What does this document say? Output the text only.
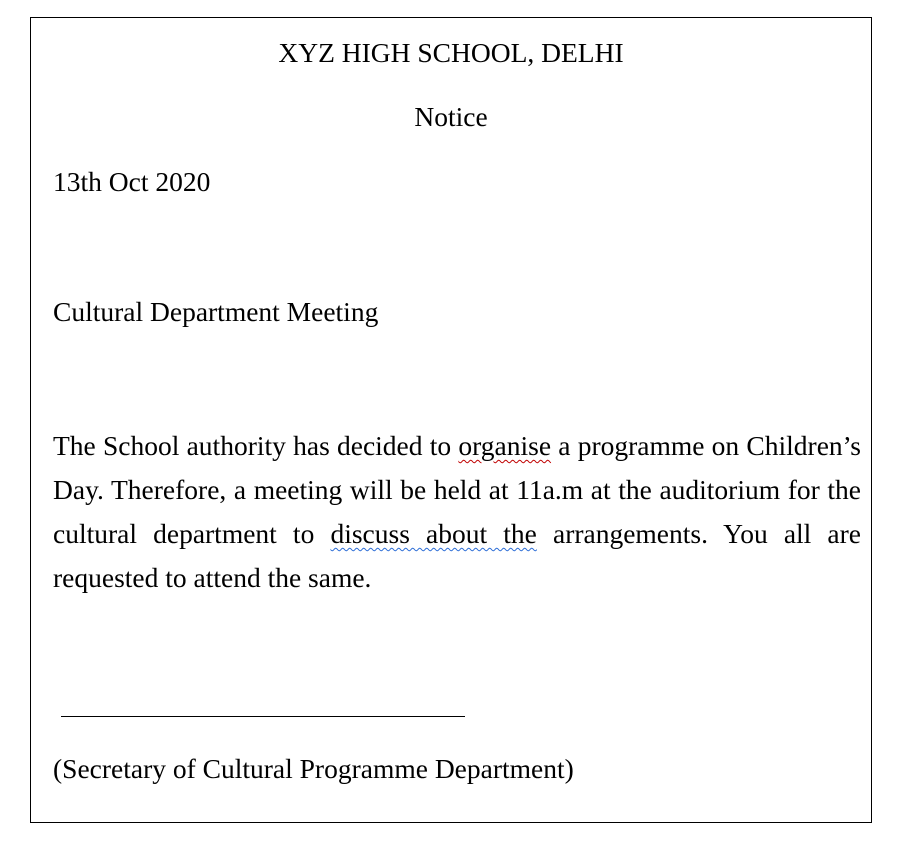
XYZ HIGH SCHOOL, DELHI
Notice
13th Oct 2020
Cultural Department Meeting
The School authority has decided to organise a programme on Children’s Day. Therefore, a meeting will be held at 11a.m at the auditorium for the cultural department to discuss about the arrangements. You all are requested to attend the same.
(Secretary of Cultural Programme Department)
